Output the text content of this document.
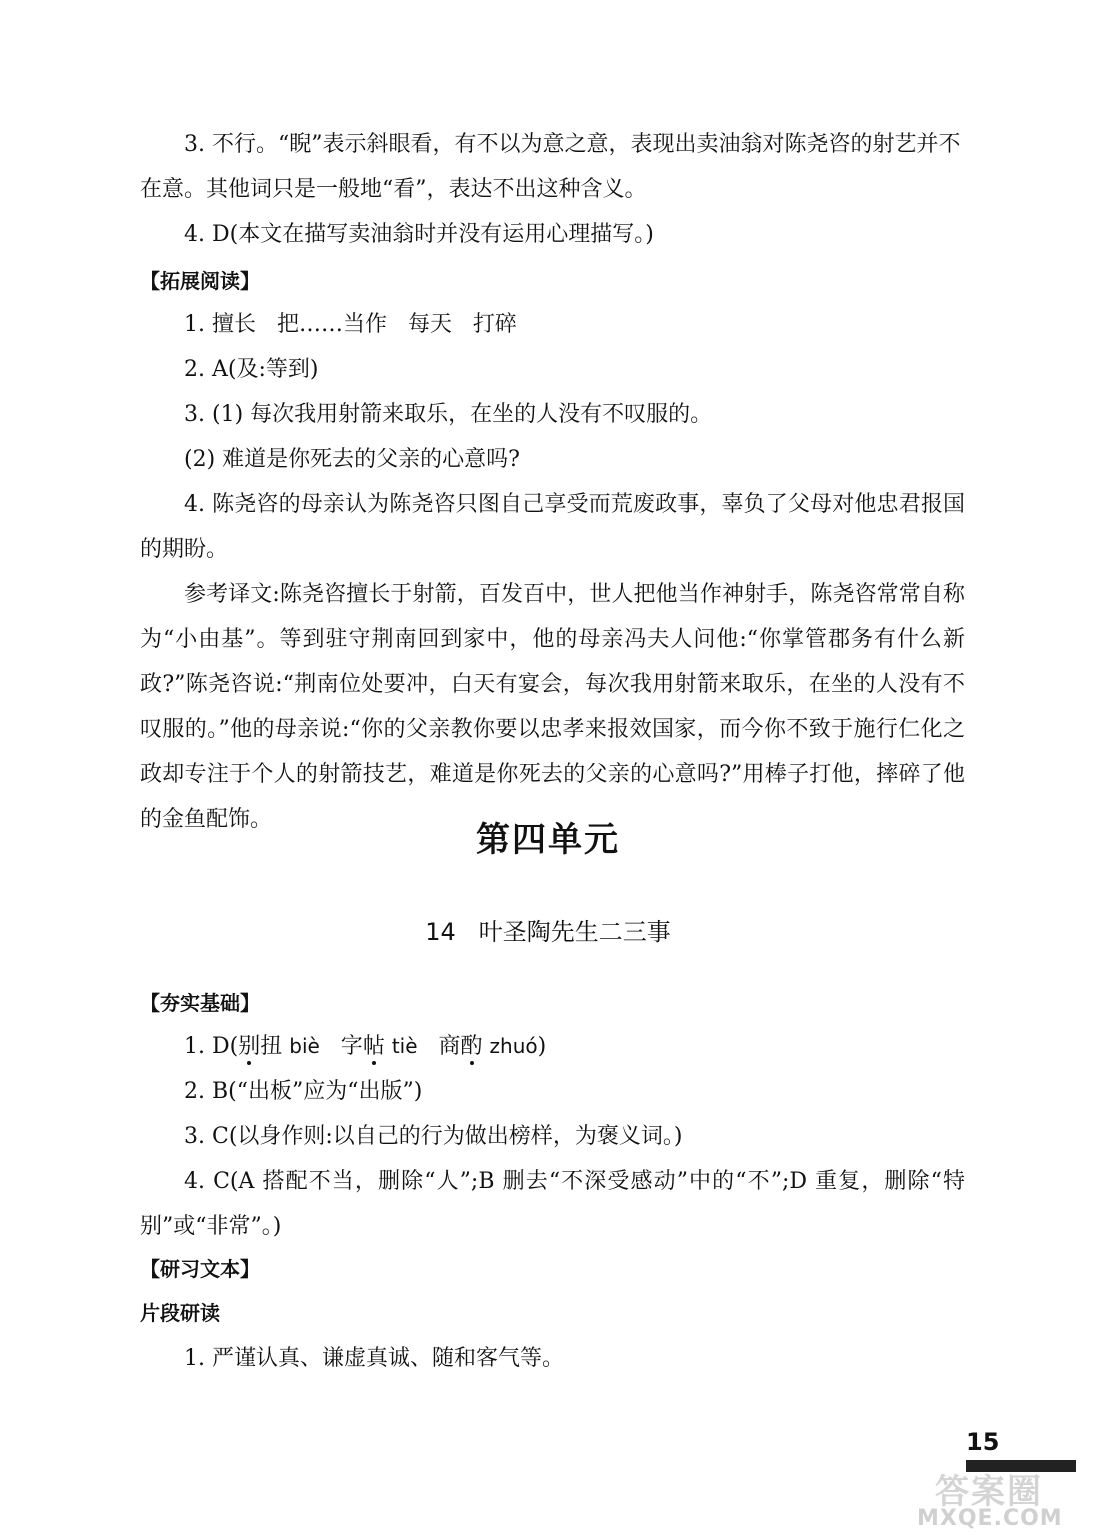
3. 不行。“睨”表示斜眼看，有不以为意之意，表现出卖油翁对陈尧咨的射艺并不
在意。其他词只是一般地“看”，表达不出这种含义。

4. D(本文在描写卖油翁时并没有运用心理描写。)

【拓展阅读】

1. 擅长   把……当作   每天   打碎

2. A(及:等到)

3. (1) 每次我用射箭来取乐，在坐的人没有不叹服的。

(2) 难道是你死去的父亲的心意吗?

4. 陈尧咨的母亲认为陈尧咨只图自己享受而荒废政事，辜负了父母对他忠君报国的期盼。

参考译文:陈尧咨擅长于射箭，百发百中，世人把他当作神射手，陈尧咨常常自称为“小由基”。等到驻守荆南回到家中，他的母亲冯夫人问他:“你掌管郡务有什么新政?”陈尧咨说:“荆南位处要冲，白天有宴会，每次我用射箭来取乐，在坐的人没有不叹服的。”他的母亲说:“你的父亲教你要以忠孝来报效国家，而今你不致于施行仁化之政却专注于个人的射箭技艺，难道是你死去的父亲的心意吗?”用棒子打他，摔碎了他的金鱼配饰。

第四单元
14   叶圣陶先生二三事
【夯实基础】

1. D(别扭 biè 字帖 tiè 商酌 zhuó)

2. B(“出板”应为“出版”)

3. C(以身作则:以自己的行为做出榜样，为褒义词。)

4. C(A 搭配不当，删除“人”;B 删去“不深受感动”中的“不”;D 重复，删除“特别”或“非常”。)

【研习文本】
片段研读

1. 严谨认真、谦虚真诚、随和客气等。

15
答案圈
MXQE.COM
